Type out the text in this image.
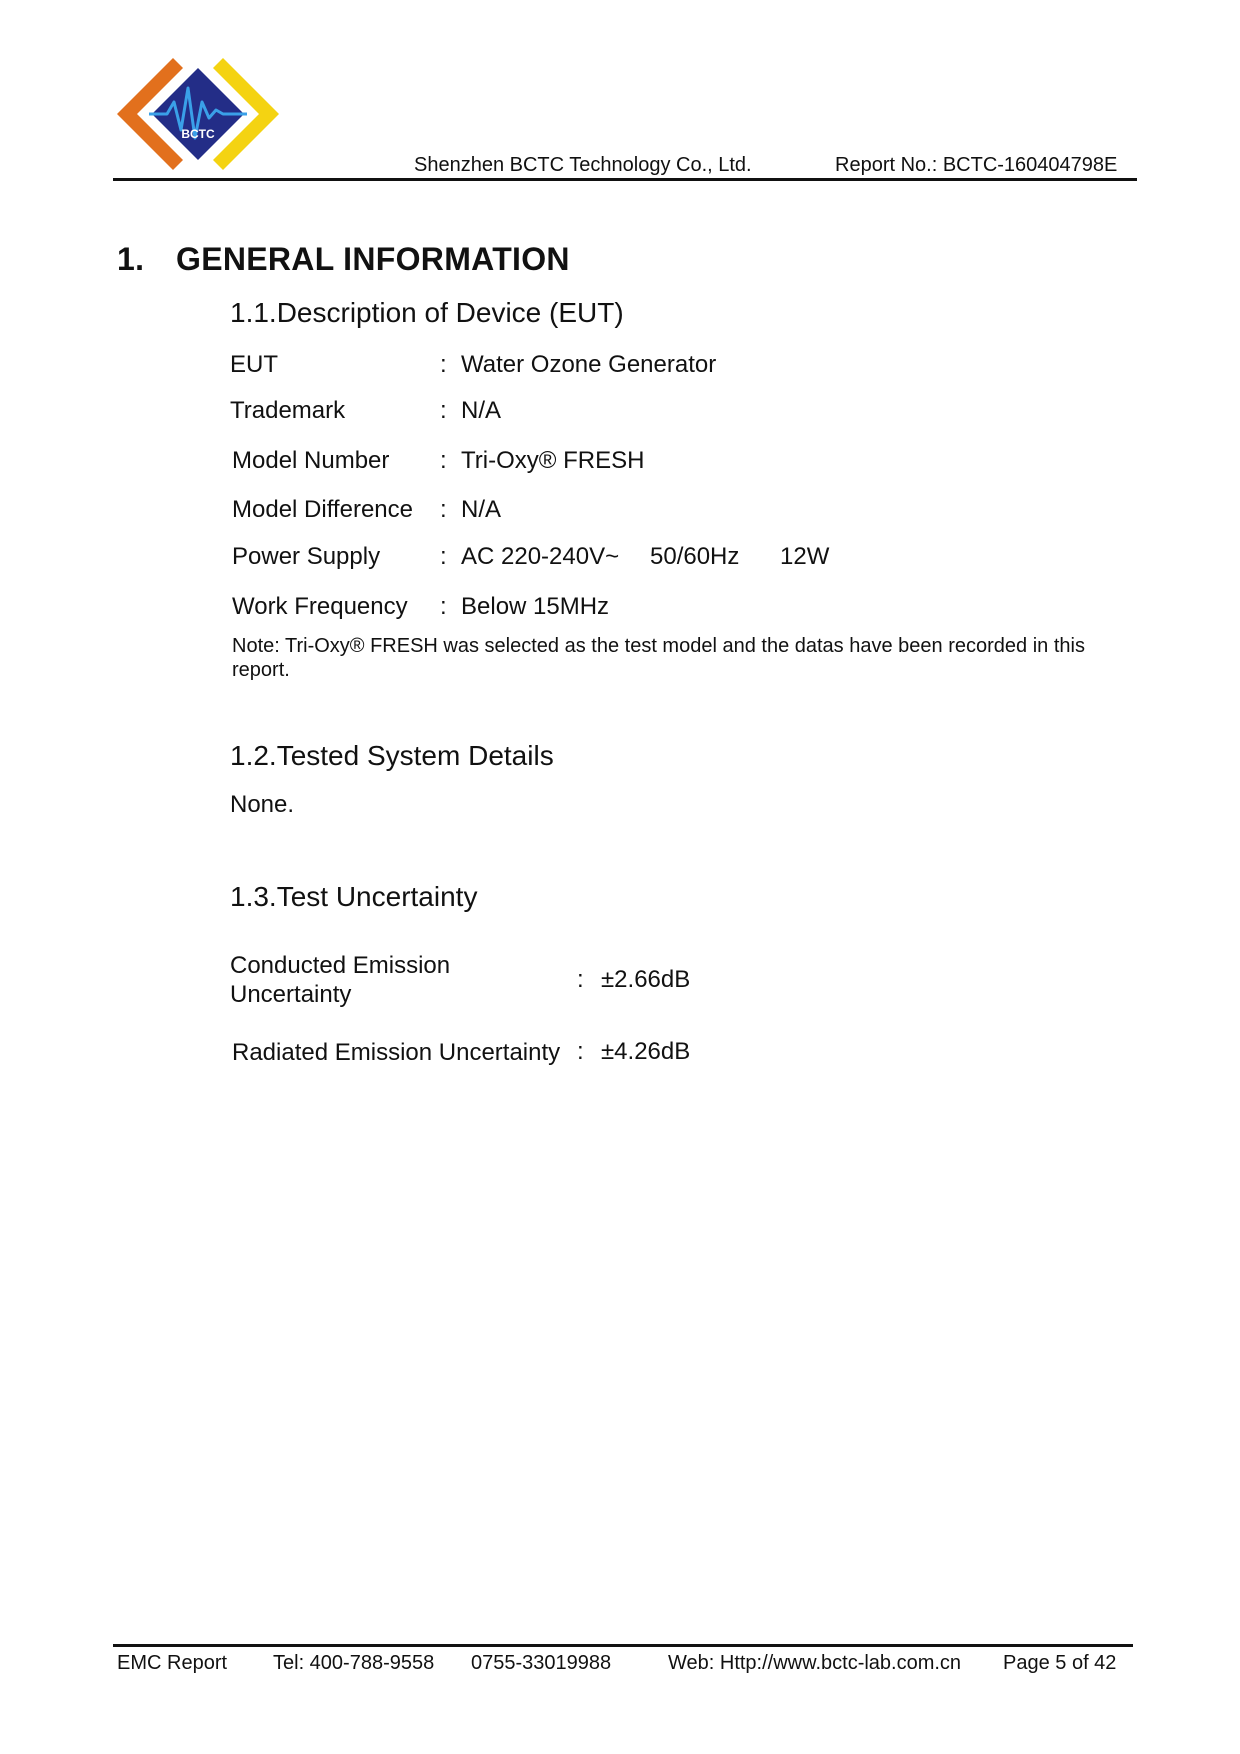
BCTC
Shenzhen BCTC Technology Co., Ltd.	Report No.: BCTC-160404798E
1. GENERAL INFORMATION
1.1.Description of Device (EUT)
EUT	: Water Ozone Generator
Trademark	: N/A
Model Number : Tri-Oxy® FRESH
Model Difference : N/A
Power Supply : AC 220-240V~ 50/60Hz 12W
Work Frequency : Below 15MHz
Note: Tri-Oxy® FRESH was selected as the test model and the datas have been recorded in this report.
1.2.Tested System Details
None.
1.3.Test Uncertainty
Conducted Emission
Uncertainty
: ±2.66dB
Radiated Emission Uncertainty : ±4.26dB
EMC Report Tel: 400-788-9558 0755-33019988	Web: Http://www.bctc-lab.com.cn Page 5 of 42
